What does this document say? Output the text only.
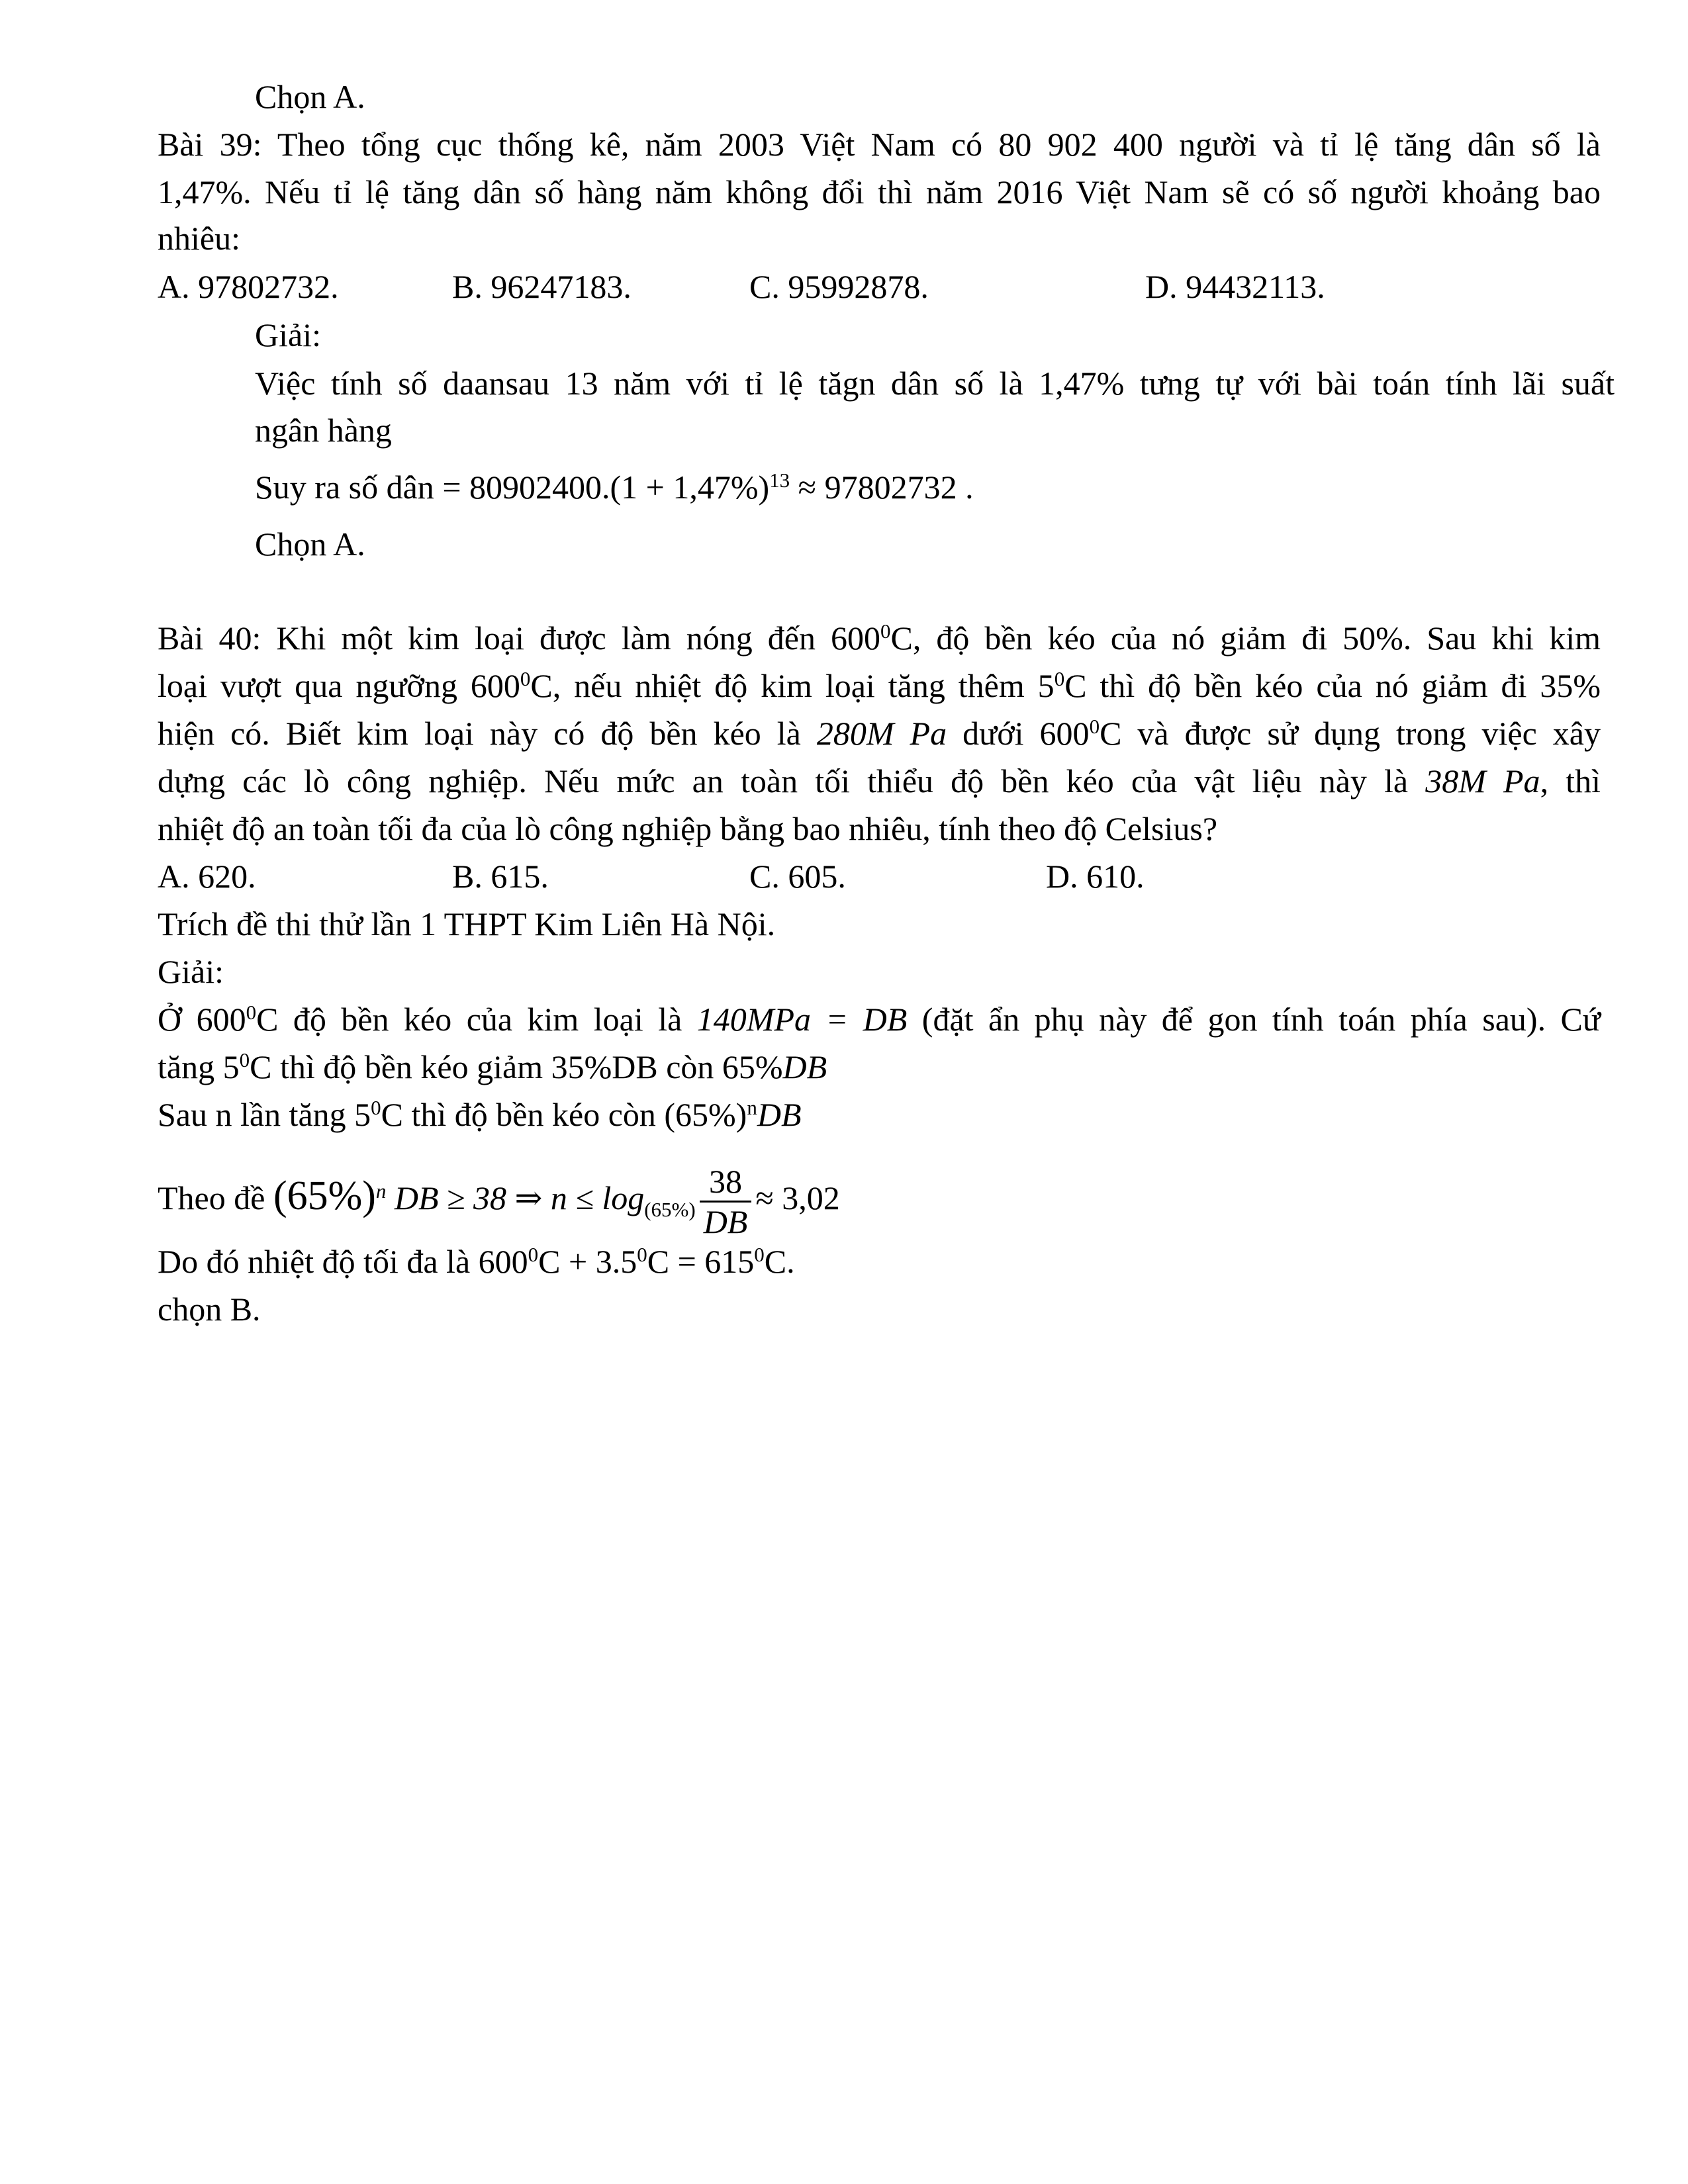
Chọn A.
Bài 39: Theo tổng cục thống kê, năm 2003 Việt Nam có 80 902 400 người và tỉ lệ tăng dân số là
1,47%. Nếu tỉ lệ tăng dân số hàng năm không đổi thì năm 2016 Việt Nam sẽ có số người khoảng bao
nhiêu:
A. 97802732.	B. 96247183.	C. 95992878.	D. 94432113.
Giải:
Việc tính số daansau 13 năm với tỉ lệ tăgn dân số là 1,47% tưng tự với bài toán tính lãi suất
ngân hàng
Suy ra số dân = $80902400.(1 + 1,47\%)^{13} \approx 97802732$ .
Chọn A.
Bài 40: Khi một kim loại được làm nóng đến $600^0C$, độ bền kéo của nó giảm đi 50%. Sau khi kim
loại vượt qua ngưỡng $600^0C$, nếu nhiệt độ kim loại tăng thêm $5^0C$ thì độ bền kéo của nó giảm đi 35%
hiện có. Biết kim loại này có độ bền kéo là 280M Pa dưới $600^0C$ và được sử dụng trong việc xây
dựng các lò công nghiệp. Nếu mức an toàn tối thiểu độ bền kéo của vật liệu này là 38M Pa, thì
nhiệt độ an toàn tối đa của lò công nghiệp bằng bao nhiêu, tính theo độ Celsius?
A. 620.	B. 615.	C. 605.	D. 610.
Trích đề thi thử lần 1 THPT Kim Liên Hà Nội.
Giải:
Ở $600^0C$ độ bền kéo của kim loại là 140MPa = DB (đặt ẩn phụ này để gon tính toán phía sau). Cứ
tăng $5^0C$ thì độ bền kéo giảm 35%DB còn 65%DB
Sau n lần tăng $5^0C$ thì độ bền kéo còn $(65\%)^nDB$
Theo đề $(65\%)^n$ DB ≥ 38 ⇒ $n \le \log_{(65\%)} \frac{38}{DB} \approx 3,02$
Do đó nhiệt độ tối đa là $600^0C + 3.5^0C = 615^0C$.
chọn B.
